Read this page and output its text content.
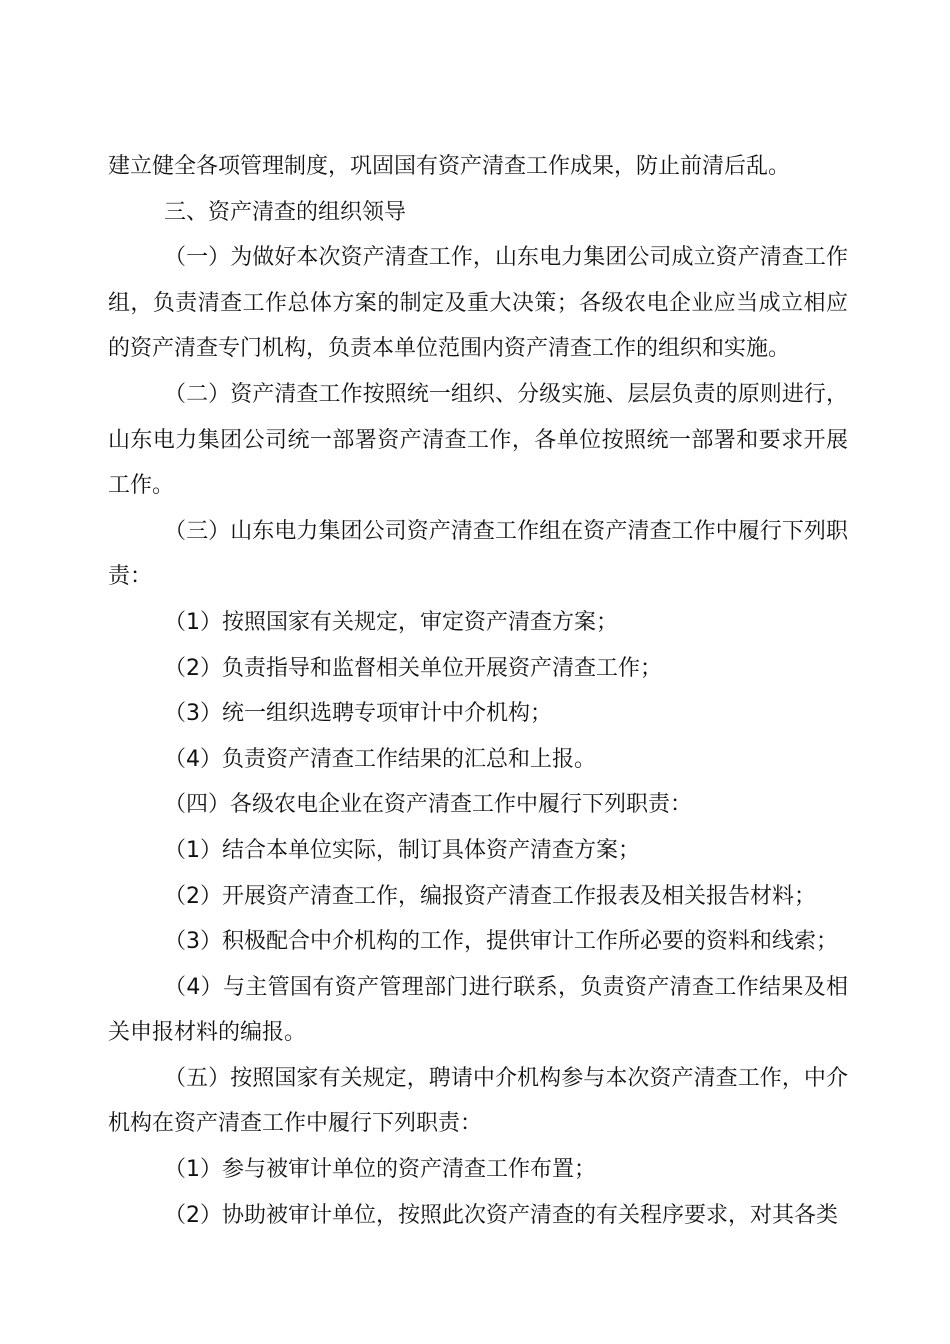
建立健全各项管理制度，巩固国有资产清查工作成果，防止前清后乱。

三、资产清查的组织领导

（一）为做好本次资产清查工作，山东电力集团公司成立资产清查工作组，负责清查工作总体方案的制定及重大决策；各级农电企业应当成立相应的资产清查专门机构，负责本单位范围内资产清查工作的组织和实施。

（二）资产清查工作按照统一组织、分级实施、层层负责的原则进行，山东电力集团公司统一部署资产清查工作，各单位按照统一部署和要求开展工作。

（三）山东电力集团公司资产清查工作组在资产清查工作中履行下列职责：

（1）按照国家有关规定，审定资产清查方案；

（2）负责指导和监督相关单位开展资产清查工作；

（3）统一组织选聘专项审计中介机构；

（4）负责资产清查工作结果的汇总和上报。

（四）各级农电企业在资产清查工作中履行下列职责：

（1）结合本单位实际，制订具体资产清查方案；

（2）开展资产清查工作，编报资产清查工作报表及相关报告材料；

（3）积极配合中介机构的工作，提供审计工作所必要的资料和线索；

（4）与主管国有资产管理部门进行联系，负责资产清查工作结果及相关申报材料的编报。

（五）按照国家有关规定，聘请中介机构参与本次资产清查工作，中介机构在资产清查工作中履行下列职责：

（1）参与被审计单位的资产清查工作布置；

（2）协助被审计单位，按照此次资产清查的有关程序要求，对其各类
